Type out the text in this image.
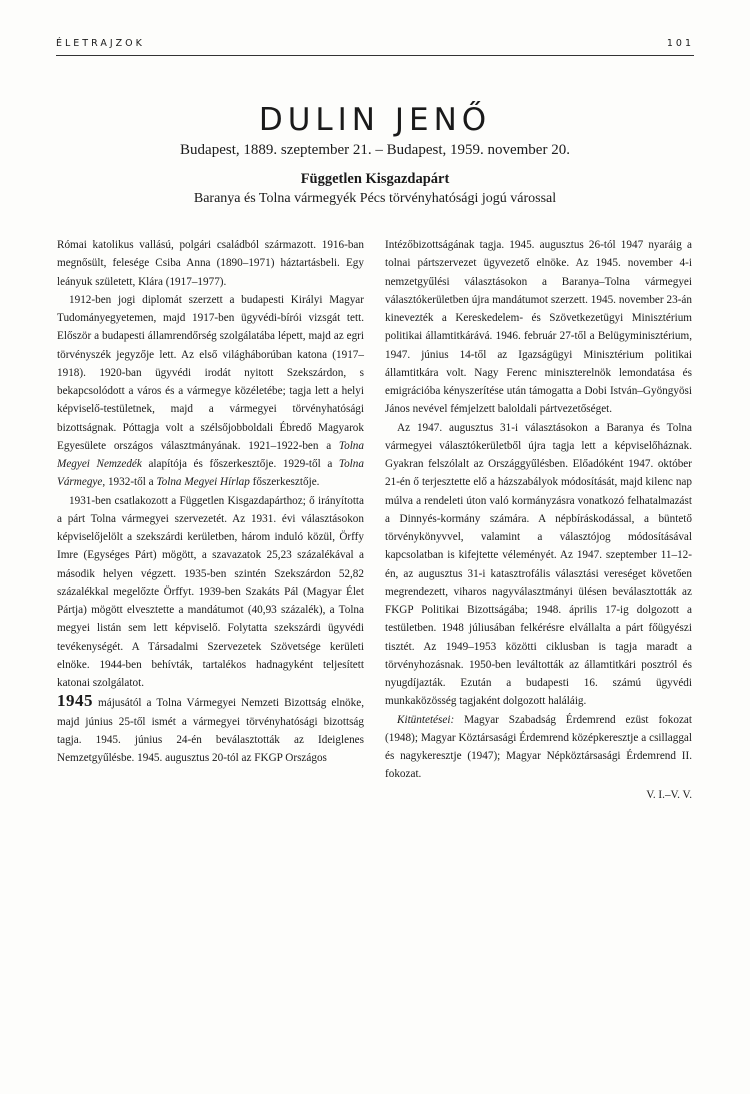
ÉLETRAJZOK	101
DULIN JENŐ
Budapest, 1889. szeptember 21. – Budapest, 1959. november 20.
Független Kisgazdapárt
Baranya és Tolna vármegyék Pécs törvényhatósági jogú várossal

Római katolikus vallású, polgári családból származott. 1916-ban megnősült, felesége Csiba Anna (1890–1971) háztartásbeli. Egy leányuk született, Klára (1917–1977).

1912-ben jogi diplomát szerzett a budapesti Királyi Magyar Tudományegyetemen, majd 1917-ben ügyvédi-bírói vizsgát tett. Először a budapesti államrendőrség szolgálatába lépett, majd az egri törvényszék jegyzője lett. Az első világháborúban katona (1917–1918). 1920-ban ügyvédi irodát nyitott Szekszárdon, s bekapcsolódott a város és a vármegye közéletébe; tagja lett a helyi képviselő-testületnek, majd a vármegyei törvényhatósági bizottságnak. Póttagja volt a szélsőjobboldali Ébredő Magyarok Egyesülete országos választmányának. 1921–1922-ben a Tolna Megyei Nemzedék alapítója és főszerkesztője. 1929-től a Tolna Vármegye, 1932-től a Tolna Megyei Hírlap főszerkesztője.

1931-ben csatlakozott a Független Kisgazdapárthoz; ő irányította a párt Tolna vármegyei szervezetét. Az 1931. évi választásokon képviselőjelölt a szekszárdi kerületben, három induló közül, Örffy Imre (Egységes Párt) mögött, a szavazatok 25,23 százalékával a második helyen végzett. 1935-ben szintén Szekszárdon 52,82 százalékkal megelőzte Örffyt. 1939-ben Szakáts Pál (Magyar Élet Pártja) mögött elvesztette a mandátumot (40,93 százalék), a Tolna megyei listán sem lett képviselő. Folytatta szekszárdi ügyvédi tevékenységét. A Társadalmi Szervezetek Szövetsége kerületi elnöke. 1944-ben behívták, tartalékos hadnagyként teljesített katonai szolgálatot.

1945 májusától a Tolna Vármegyei Nemzeti Bizottság elnöke, majd június 25-től ismét a vármegyei törvényhatósági bizottság tagja. 1945. június 24-én beválasztották az Ideiglenes Nemzetgyűlésbe. 1945. augusztus 20-tól az FKGP Országos

Intézőbizottságának tagja. 1945. augusztus 26-tól 1947 nyaráig a tolnai pártszervezet ügyvezető elnöke. Az 1945. november 4-i nemzetgyűlési választásokon a Baranya–Tolna vármegyei választókerületben újra mandátumot szerzett. 1945. november 23-án kinevezték a Kereskedelem- és Szövetkezetügyi Minisztérium politikai államtitkárává. 1946. február 27-től a Belügyminisztérium, 1947. június 14-től az Igazságügyi Minisztérium politikai államtitkára volt. Nagy Ferenc miniszterelnök lemondatása és emigrációba kényszerítése után támogatta a Dobi István–Gyöngyösi János nevével fémjelzett baloldali pártvezetőséget.

Az 1947. augusztus 31-i választásokon a Baranya és Tolna vármegyei választókerületből újra tagja lett a képviselőháznak. Gyakran felszólalt az Országgyűlésben. Előadóként 1947. október 21-én ő terjesztette elő a házszabályok módosítását, majd kilenc nap múlva a rendeleti úton való kormányzásra vonatkozó felhatalmazást a Dinnyés-kormány számára. A népbíráskodással, a büntető törvénykönyvvel, valamint a választójog módosításával kapcsolatban is kifejtette véleményét. Az 1947. szeptember 11–12-én, az augusztus 31-i katasztrofális választási vereséget követően megrendezett, viharos nagyválasztmányi ülésen beválasztották az FKGP Politikai Bizottságába; 1948. április 17-ig dolgozott a testületben. 1948 júliusában felkérésre elvállalta a párt főügyészi tisztét. Az 1949–1953 közötti ciklusban is tagja maradt a törvényhozásnak. 1950-ben leváltották az államtitkári posztról és nyugdíjazták. Ezután a budapesti 16. számú ügyvédi munkaközösség tagjaként dolgozott haláláig.

Kitüntetései: Magyar Szabadság Érdemrend ezüst fokozat (1948); Magyar Köztársasági Érdemrend középkeresztje a csillaggal és nagykeresztje (1947); Magyar Népköztársasági Érdemrend II. fokozat.

V. I.–V. V.
